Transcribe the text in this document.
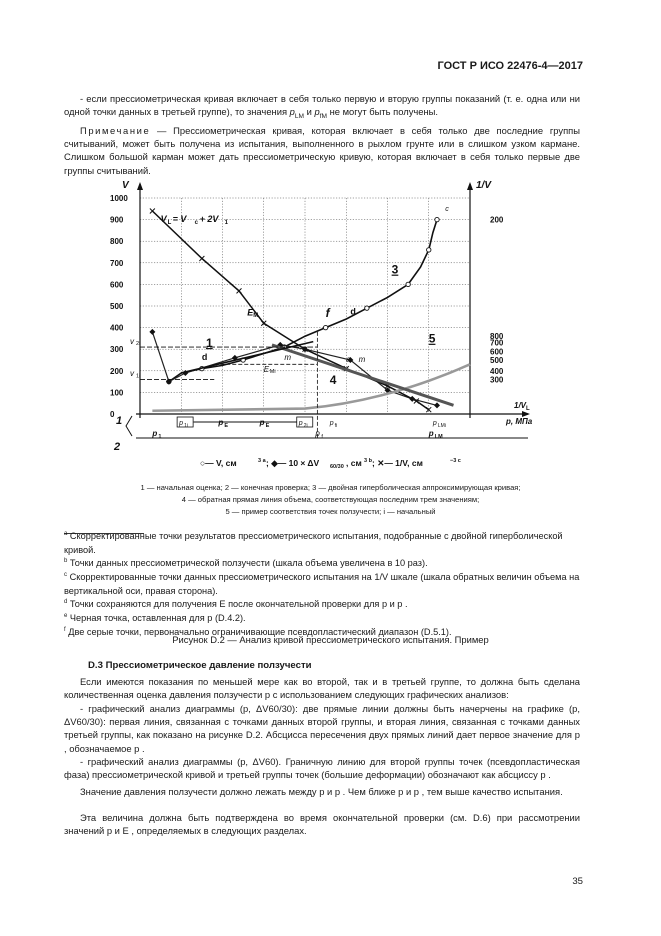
ГОСТ Р ИСО 22476-4—2017
- если прессиометрическая кривая включает в себя только первую и вторую группы показаний (т. е. одна или ни одной точки данных в третьей группе), то значения $p_{LM}$ и $p_{fM}$ не могут быть получены.
Примечание — Прессиометрическая кривая, которая включает в себя только две последние группы считываний, может быть получена из испытания, выполненного в рыхлом грунте или в слишком узком кармане. Слишком большой карман может дать прессиометрическую кривую, которая включает в себя только первые две группы считываний.
V	1/V
1000
900
800
700
600
500
400
300
200
100
0
200
300
400
500
600
700
800
p, МПа
1/V L
V L = V c + 2V 1
3
5
4
1
f d
d	a
c
m	m
E M
E Mi
v 2i
v 1i
1
2
p 1i	p 2i
p E	p E	p fi	p LMi
p 1	p f	p LM
○— V, см	3 a ; ◆— 10 × ΔV 60/30 , см 3 b ; ✕— 1/V, см	−3 c
1 — начальная оценка; 2 — конечная проверка; 3 — двойная гиперболическая аппроксимирующая кривая;
4 — обратная прямая линия объема, соответствующая последним трем значениям;
5 — пример соответствия точек ползучести; i — начальный
$^a$ Скорректированные точки результатов прессиометрического испытания, подобранные с двойной гиперболической кривой.
$^b$ Точки данных прессиометрической ползучести (шкала объема увеличена в 10 раз).
$^c$ Скорректированные точки данных прессиометрического испытания на 1/V шкале (шкала обратных величин объема на вертикальной оси, правая сторона).
$^d$ Точки сохраняются для получения E после окончательной проверки для p и p .
$^e$ Черная точка, оставленная для p (D.4.2).
$^f$ Две серые точки, первоначально ограничивающие псевдопластический диапазон (D.5.1).
Рисунок D.2 — Анализ кривой прессиометрического испытания. Пример
D.3 Прессиометрическое давление ползучести
Если имеются показания по меньшей мере как во второй, так и в третьей группе, то должна быть сделана количественная оценка давления ползучести p с использованием следующих графических анализов:
- графический анализ диаграммы (p, ΔV60/30): две прямые линии должны быть начерчены на графике (p, ΔV60/30): первая линия, связанная с точками данных второй группы, и вторая линия, связанная с точками данных третьей группы, как показано на рисунке D.2. Абсцисса пересечения двух прямых линий дает первое значение для p , обозначаемое p .
- графический анализ диаграммы (p, ΔV60). Граничную линию для второй группы точек (псевдопластическая фаза) прессиометрической кривой и третьей группы точек (большие деформации) обозначают как абсциссу p .
Значение давления ползучести должно лежать между p и p . Чем ближе p и p , тем выше качество испытания.
Эта величина должна быть подтверждена во время окончательной проверки (см. D.6) при рассмотрении значений p и E , определяемых в следующих разделах.
35
